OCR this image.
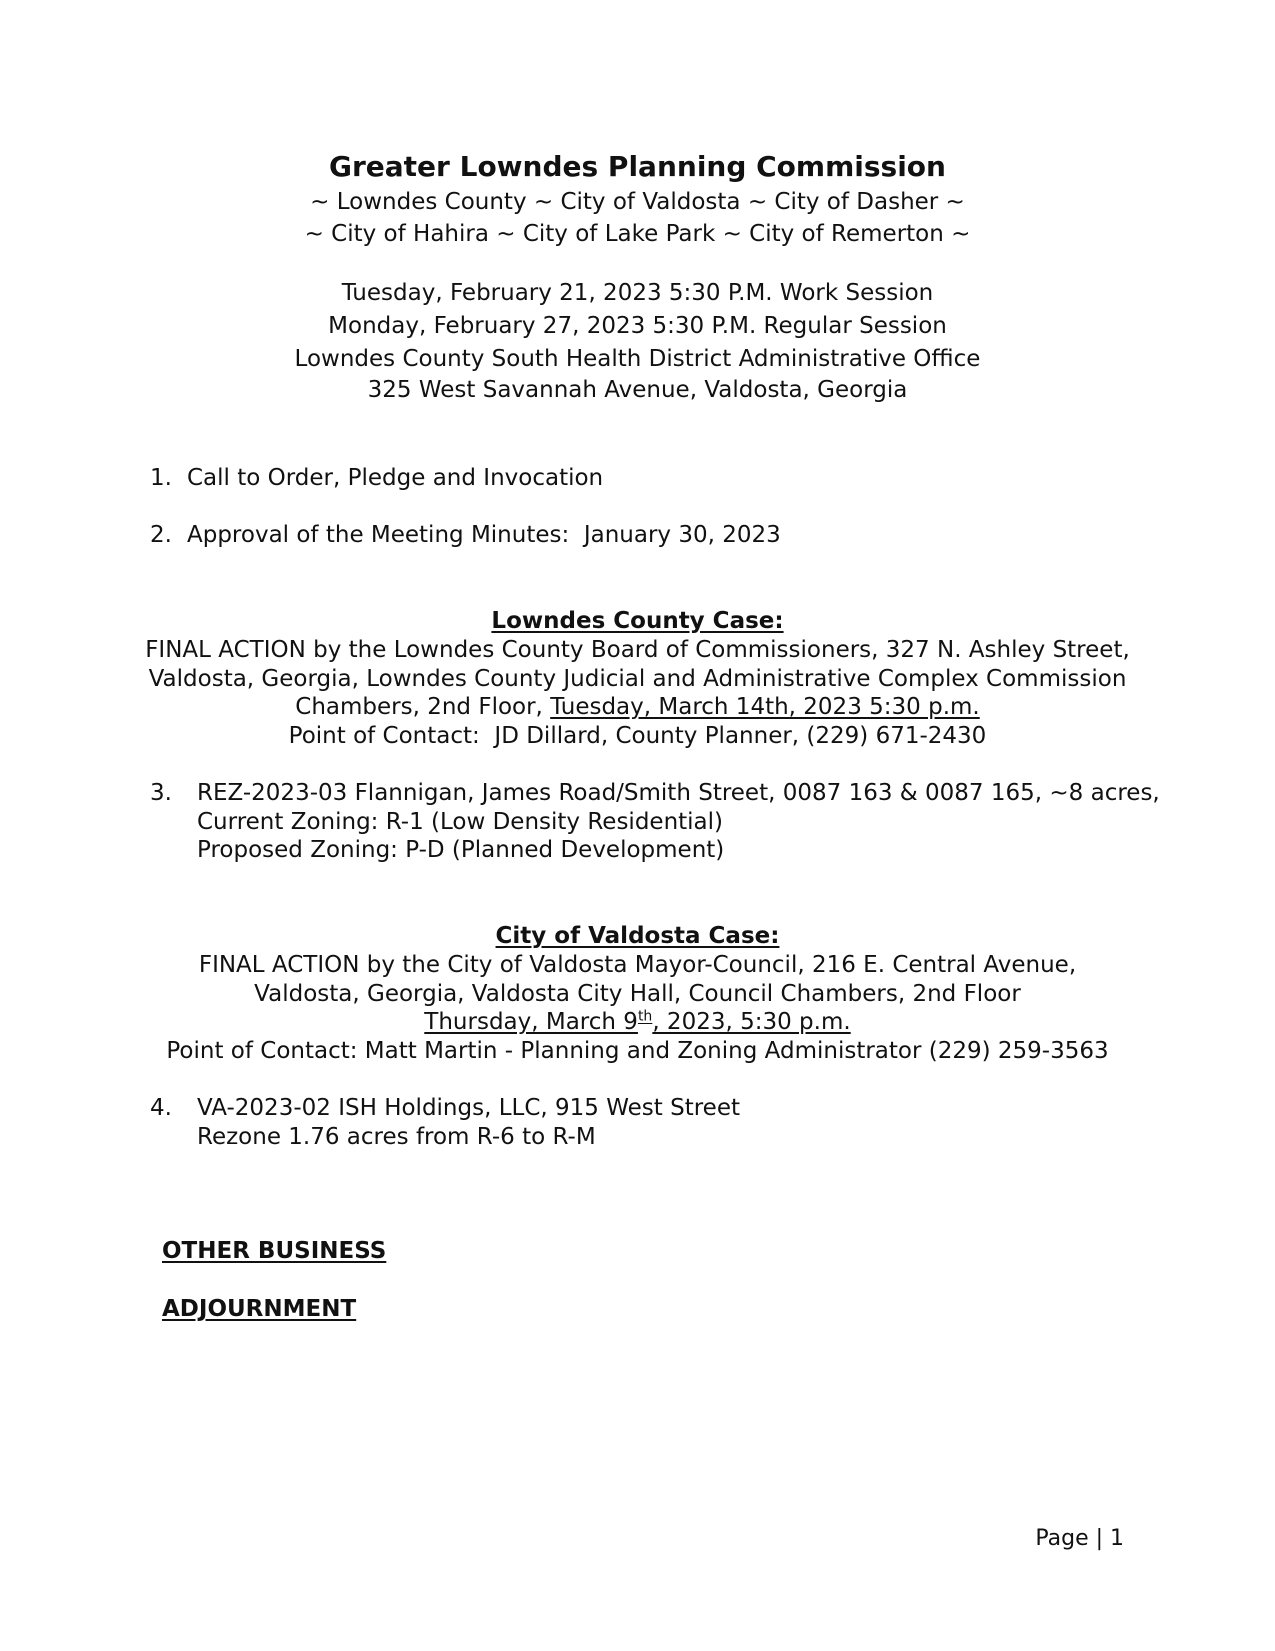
Greater Lowndes Planning Commission
~ Lowndes County ~ City of Valdosta ~ City of Dasher ~
~ City of Hahira ~ City of Lake Park ~ City of Remerton ~
Tuesday, February 21, 2023 5:30 P.M. Work Session
Monday, February 27, 2023 5:30 P.M. Regular Session
Lowndes County South Health District Administrative Office
325 West Savannah Avenue, Valdosta, Georgia
1. Call to Order, Pledge and Invocation
2. Approval of the Meeting Minutes:  January 30, 2023
Lowndes County Case:
FINAL ACTION by the Lowndes County Board of Commissioners, 327 N. Ashley Street,
Valdosta, Georgia, Lowndes County Judicial and Administrative Complex Commission
Chambers, 2nd Floor, Tuesday, March 14th, 2023 5:30 p.m.
Point of Contact:  JD Dillard, County Planner, (229) 671-2430
3. REZ-2023-03 Flannigan, James Road/Smith Street, 0087 163 & 0087 165, ~8 acres,
Current Zoning: R-1 (Low Density Residential)
Proposed Zoning: P-D (Planned Development)
City of Valdosta Case:
FINAL ACTION by the City of Valdosta Mayor-Council, 216 E. Central Avenue,
Valdosta, Georgia, Valdosta City Hall, Council Chambers, 2nd Floor
Thursday, March 9th, 2023, 5:30 p.m.
Point of Contact: Matt Martin - Planning and Zoning Administrator (229) 259-3563
4. VA-2023-02 ISH Holdings, LLC, 915 West Street
Rezone 1.76 acres from R-6 to R-M
OTHER BUSINESS
ADJOURNMENT
Page | 1
